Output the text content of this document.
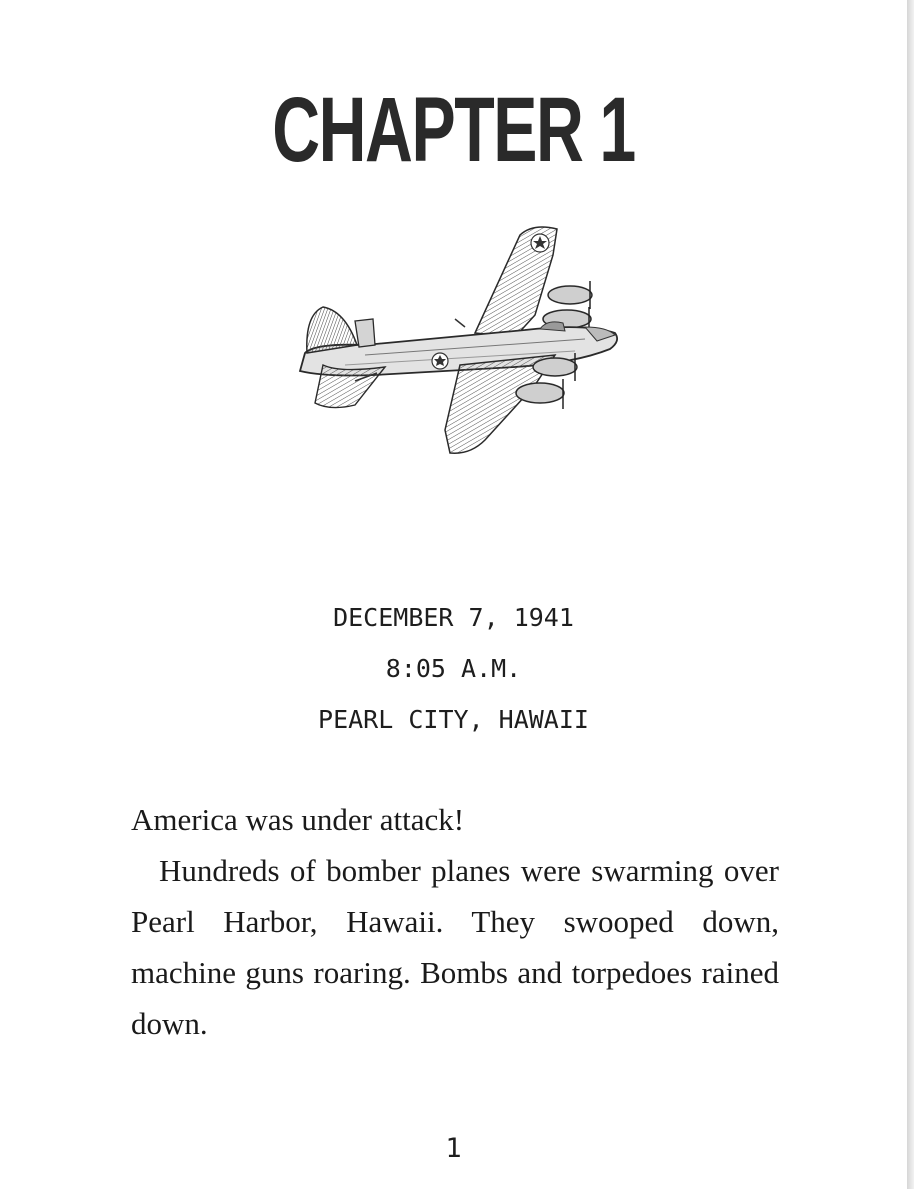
CHAPTER 1
DECEMBER 7, 1941
8:05 A.M.
PEARL CITY, HAWAII

America was under attack!

Hundreds of bomber planes were swarming over Pearl Harbor, Hawaii. They swooped down, machine guns roaring. Bombs and torpedoes rained down.

1
